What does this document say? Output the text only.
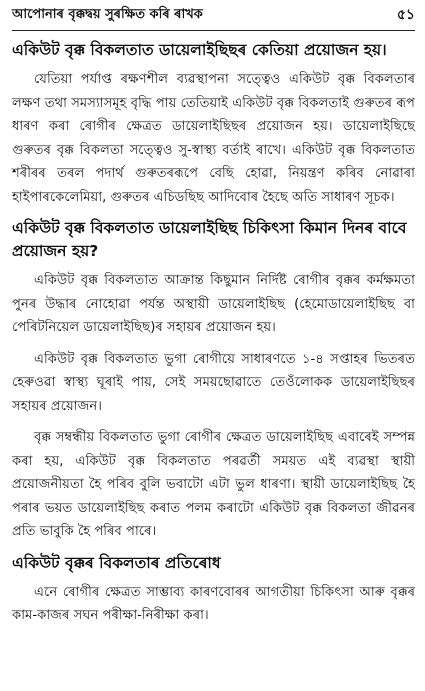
আপোনাৰ বৃক্কদ্বয় সুৰক্ষিত কৰি ৰাখক	৫১
একিউট বৃক্ক বিকলতাত ডায়েলাইছিছৰ কেতিয়া প্ৰয়োজন হয়।

যেতিয়া পৰ্যাপ্ত ৰক্ষণশীল ব্যৱস্থাপনা সত্ত্বেও একিউট বৃক্ক বিকলতাৰ লক্ষণ তথা সমস্যাসমূহ বৃদ্ধি পায় তেতিয়াই একিউট বৃক্ক বিকলতাই গুৰুতৰ ৰূপ ধাৰণ কৰা ৰোগীৰ ক্ষেত্ৰত ডায়েলাইছিছৰ প্ৰয়োজন হয়। ডায়েলাইছিছে গুৰুতৰ বৃক্ক বিকলতা সত্ত্বেও সু-স্বাস্থ্য বৰ্তাই ৰাখে। একিউট বৃক্ক বিকলতাত শৰীৰৰ তৰল পদাৰ্থ গুৰুতৰৰূপে বেছি হোৱা, নিয়ন্ত্ৰণ কৰিব নোৱাৰা হাইপাৰকেলেমিয়া, গুৰুতৰ এচিডছিছ আদিবোৰ হৈছে অতি সাধাৰণ সূচক।

একিউট বৃক্ক বিকলতাত ডায়েলাইছিছ চিকিৎসা কিমান দিনৰ বাবে প্ৰয়োজন হয়?

একিউট বৃক্ক বিকলতাত আক্ৰান্ত কিছুমান নিৰ্দিষ্ট ৰোগীৰ বৃক্কৰ কৰ্মক্ষমতা পুনৰ উদ্ধাৰ নোহোৱা পৰ্যন্ত অস্থায়ী ডায়েলাইছিছ (হেমোডায়েলাইছিছ বা পেৰিটনিয়েল ডায়েলাইছিছ)ৰ সহায়ৰ প্ৰয়োজন হয়।

একিউট বৃক্ক বিকলতাত ভুগা ৰোগীয়ে সাধাৰণতে ১-৪ সপ্তাহৰ ভিতৰত হেৰুওৱা স্বাস্থ্য ঘূৰাই পায়, সেই সময়ছোৱাতে তেওঁলোকক ডায়েলাইছিছৰ সহায়ৰ প্ৰয়োজন।

বৃক্ক সম্বন্ধীয় বিকলতাত ভুগা ৰোগীৰ ক্ষেত্ৰত ডায়েলাইছিছ এবাৰেই সম্পন্ন কৰা হয়, একিউট বৃক্ক বিকলতাত পৰৱৰ্তী সময়ত এই ব্যৱস্থা স্থায়ী প্ৰয়োজনীয়তা হৈ পৰিব বুলি ভবাটো এটা ভুল ধাৰণা। স্থায়ী ডায়েলাইছিছ হৈ পৰাৰ ভয়ত ডায়েলাইছিছ কৰাত পলম কৰাটো একিউট বৃক্ক বিকলতা জীৱনৰ প্ৰতি ভাবুকি হৈ পৰিব পাৰে।

একিউট বৃক্কৰ বিকলতাৰ প্ৰতিৰোধ

এনে ৰোগীৰ ক্ষেত্ৰত সাম্ভাব্য কাৰণবোৰৰ আগতীয়া চিকিৎসা আৰু বৃক্কৰ কাম-কাজৰ সঘন পৰীক্ষা-নিৰীক্ষা কৰা।
